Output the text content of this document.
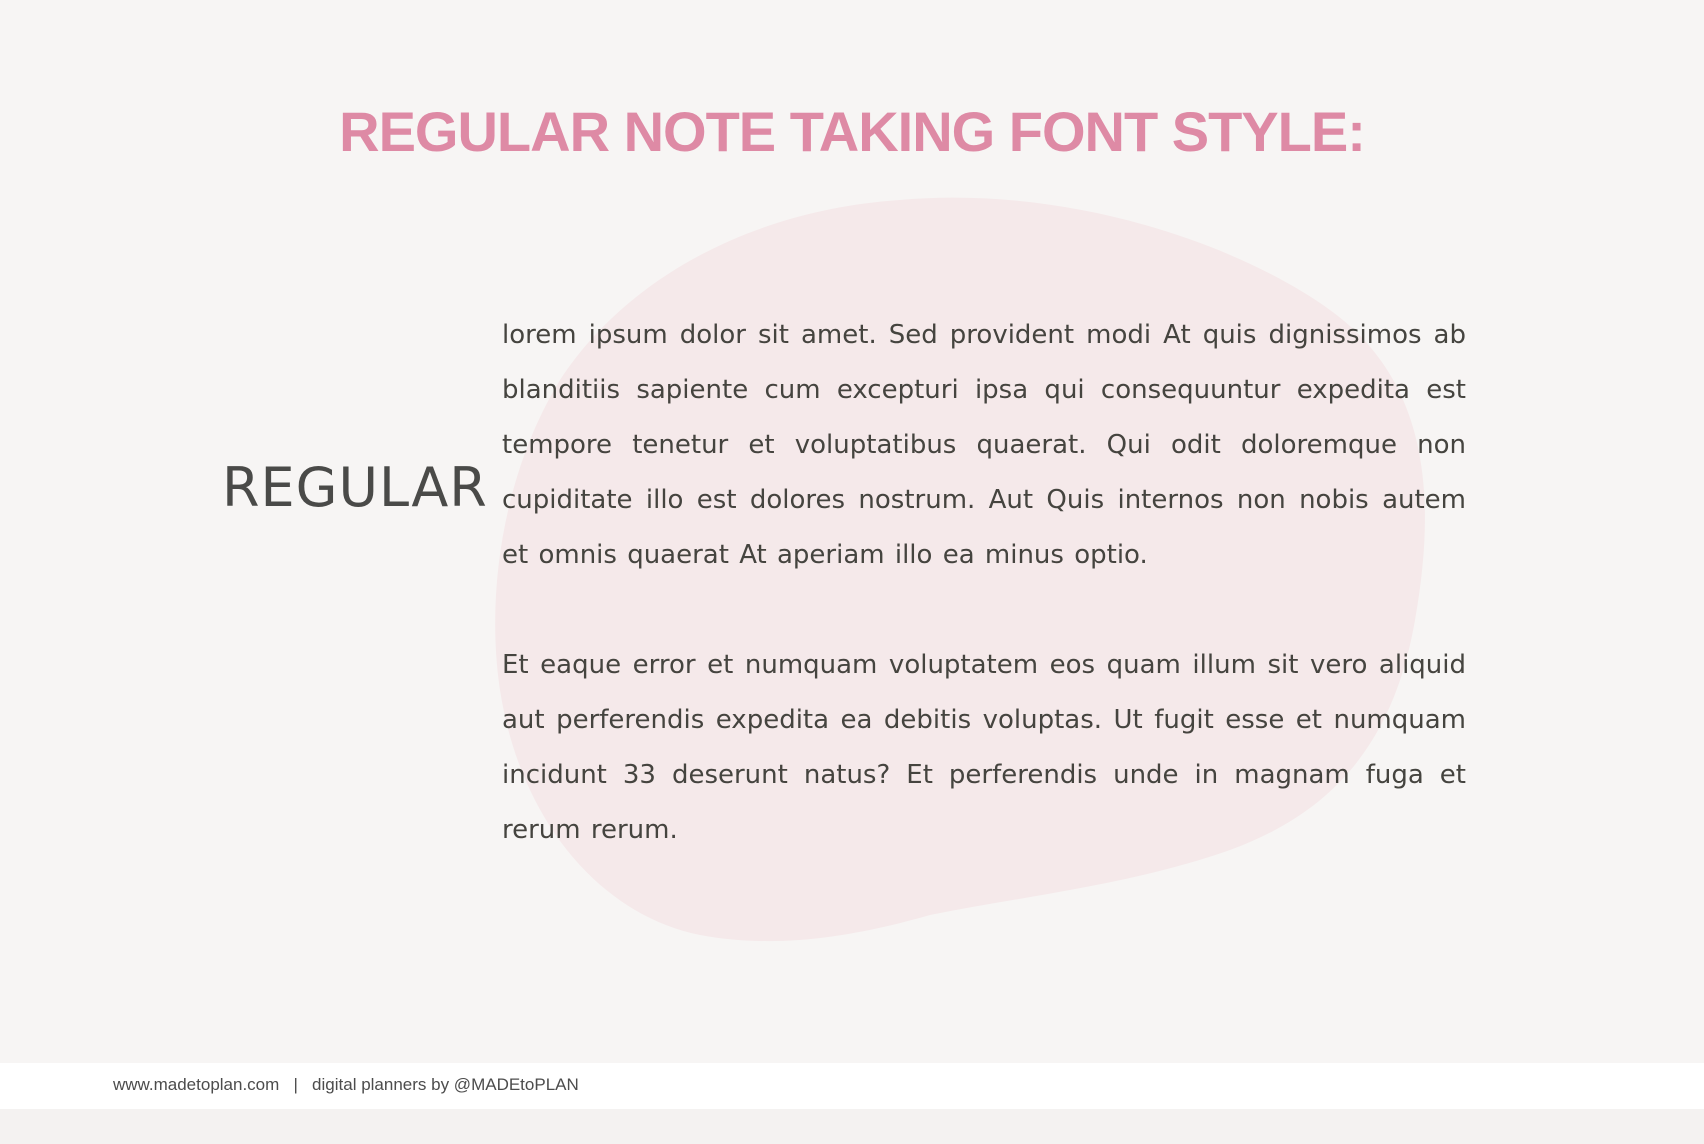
REGULAR NOTE TAKING FONT STYLE:
REGULAR

lorem ipsum dolor sit amet. Sed provident modi At quis dignissimos ab blanditiis sapiente cum excepturi ipsa qui consequuntur expedita est tempore tenetur et voluptatibus quaerat. Qui odit doloremque non cupiditate illo est dolores nostrum. Aut Quis internos non nobis autem et omnis quaerat At aperiam illo ea minus optio.

Et eaque error et numquam voluptatem eos quam illum sit vero aliquid aut perferendis expedita ea debitis voluptas. Ut fugit esse et numquam incidunt 33 deserunt natus? Et perferendis unde in magnam fuga et rerum rerum.

www.madetoplan.com   |   digital planners by @MADEtoPLAN
